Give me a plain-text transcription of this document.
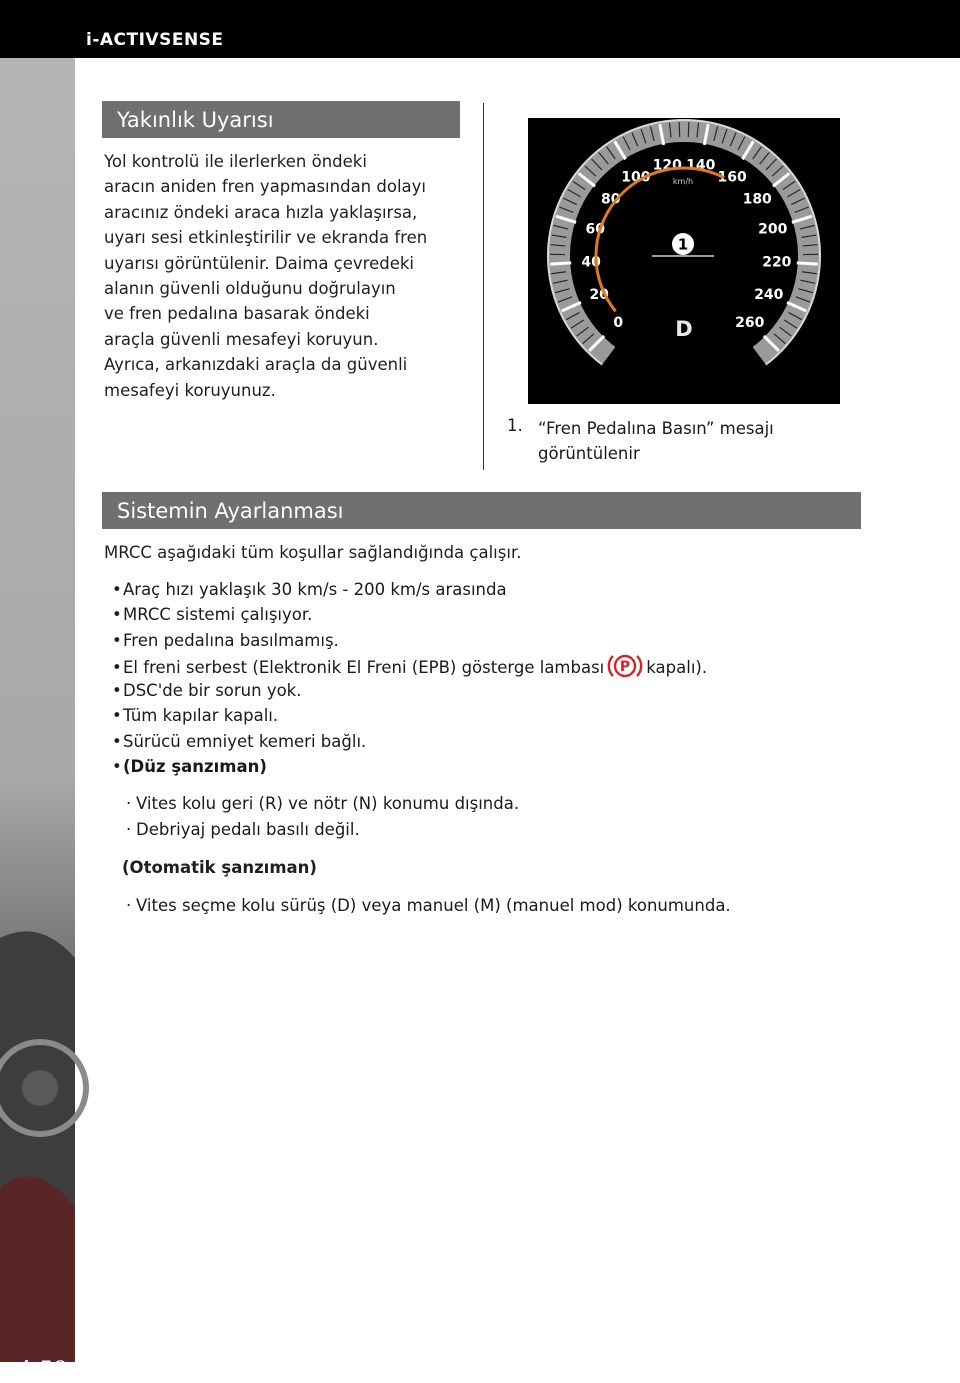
i-ACTIVSENSE
4-58
Yakınlık Uyarısı

Yol kontrolü ile ilerlerken öndeki
aracın aniden fren yapmasından dolayı
aracınız öndeki araca hızla yaklaşırsa,
uyarı sesi etkinleştirilir ve ekranda fren
uyarısı görüntülenir. Daima çevredeki
alanın güvenli olduğunu doğrulayın
ve fren pedalına basarak öndeki
araçla güvenli mesafeyi koruyun.
Ayrıca, arkanızdaki araçla da güvenli
mesafeyi koruyunuz.

0
20
40
60
80
100
120 140
160
180
200
220
240
260
1
km/h
D
1. “Fren Pedalına Basın” mesajı
görüntülenir
Sistemin Ayarlanması

MRCC aşağıdaki tüm koşullar sağlandığında çalışır.

•Araç hızı yaklaşık 30 km/s - 200 km/s arasında
•MRCC sistemi çalışıyor.
•Fren pedalına basılmamış.
•El freni serbest (Elektronik El Freni (EPB) gösterge lambası P kapalı).
•DSC'de bir sorun yok.
•Tüm kapılar kapalı.
•Sürücü emniyet kemeri bağlı.
•(Düz şanzıman)
· Vites kolu geri (R) ve nötr (N) konumu dışında.
· Debriyaj pedalı basılı değil.
(Otomatik şanzıman)
· Vites seçme kolu sürüş (D) veya manuel (M) (manuel mod) konumunda.
